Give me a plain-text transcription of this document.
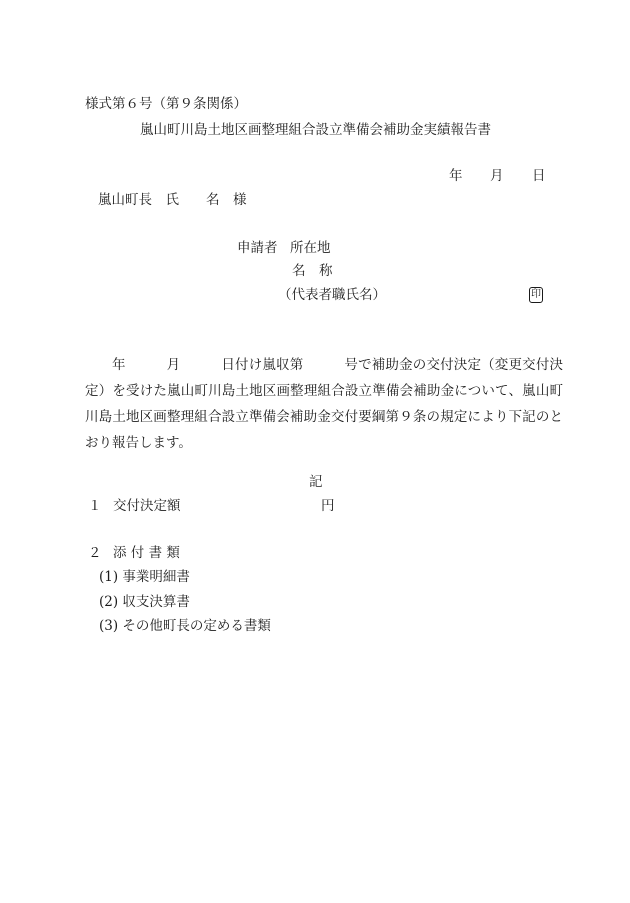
様式第６号（第９条関係）
嵐山町川島土地区画整理組合設立準備会補助金実績報告書
年 月 日
嵐山町長　氏　　名　様
申請者 所在地
名　称
（代表者職氏名）	印
年　　　月　　　日付け嵐収第　　　号で補助金の交付決定（変更交付決定）を受けた嵐山町川島土地区画整理組合設立準備会補助金について、嵐山町川島土地区画整理組合設立準備会補助金交付要綱第９条の規定により下記のとおり報告します。
記
１ 交付決定額	円
２ 添 付 書 類
(1) 事業明細書
(2) 収支決算書
(3) その他町長の定める書類
